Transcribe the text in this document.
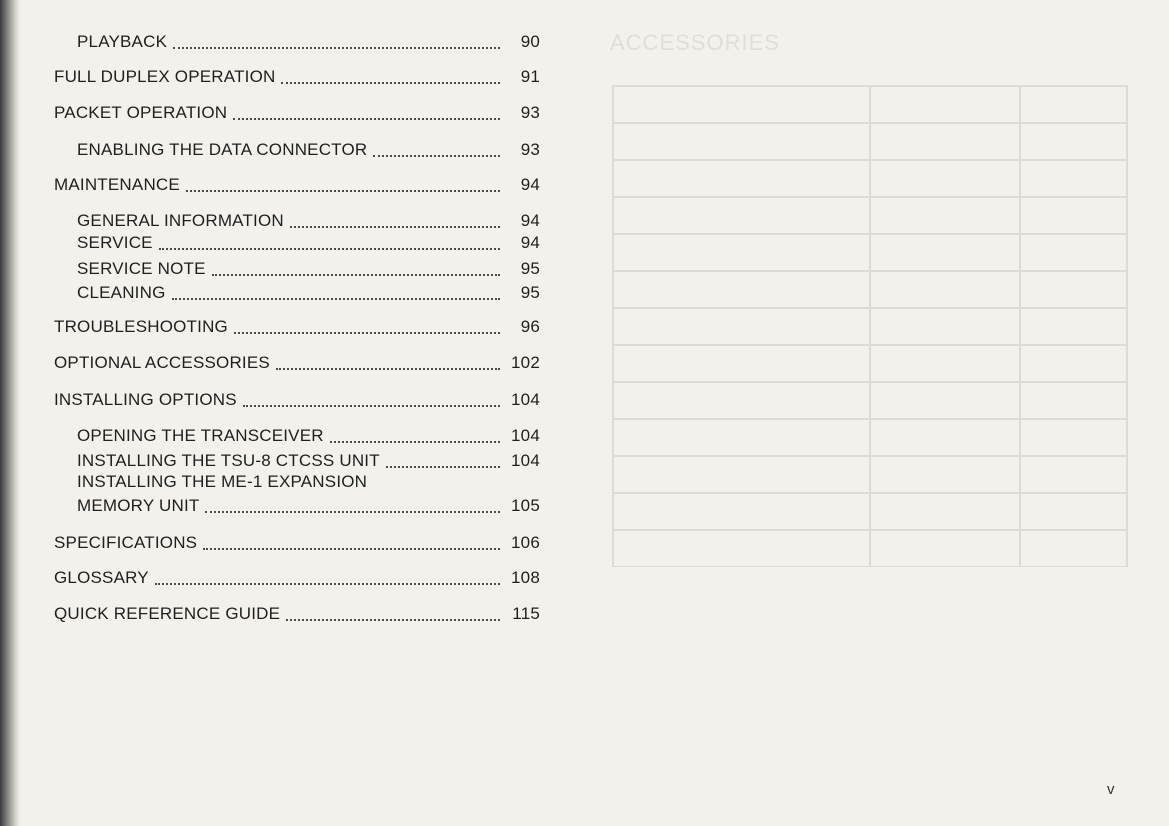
ACCESSORIES
PLAYBACK	90
FULL DUPLEX OPERATION	91
PACKET OPERATION	93
ENABLING THE DATA CONNECTOR	93
MAINTENANCE	94
GENERAL INFORMATION	94
SERVICE	94
SERVICE NOTE	95
CLEANING	95
TROUBLESHOOTING	96
OPTIONAL ACCESSORIES	102
INSTALLING OPTIONS	104
OPENING THE TRANSCEIVER	104
INSTALLING THE TSU-8 CTCSS UNIT	104
INSTALLING THE ME-1 EXPANSION
MEMORY UNIT	105
SPECIFICATIONS	106
GLOSSARY	108
QUICK REFERENCE GUIDE	115
v
